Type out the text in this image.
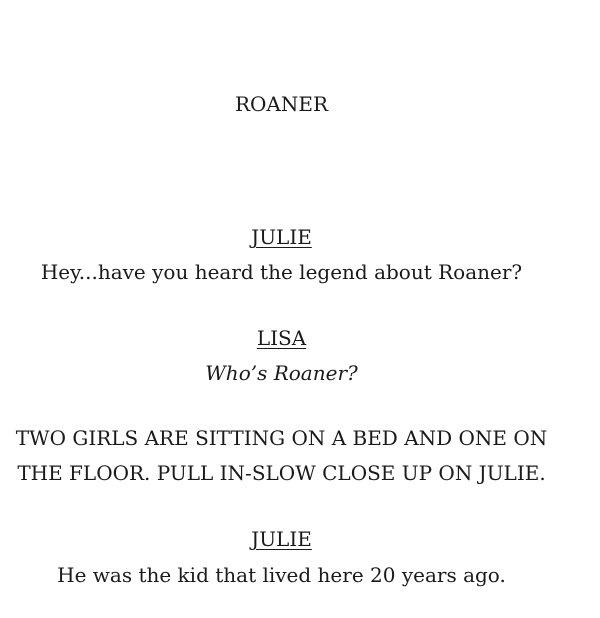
ROANER
JULIE
Hey...have you heard the legend about Roaner?
LISA
Who’s Roaner?
TWO GIRLS ARE SITTING ON A BED AND ONE ON
THE FLOOR. PULL IN-SLOW CLOSE UP ON JULIE.
JULIE
He was the kid that lived here 20 years ago.
